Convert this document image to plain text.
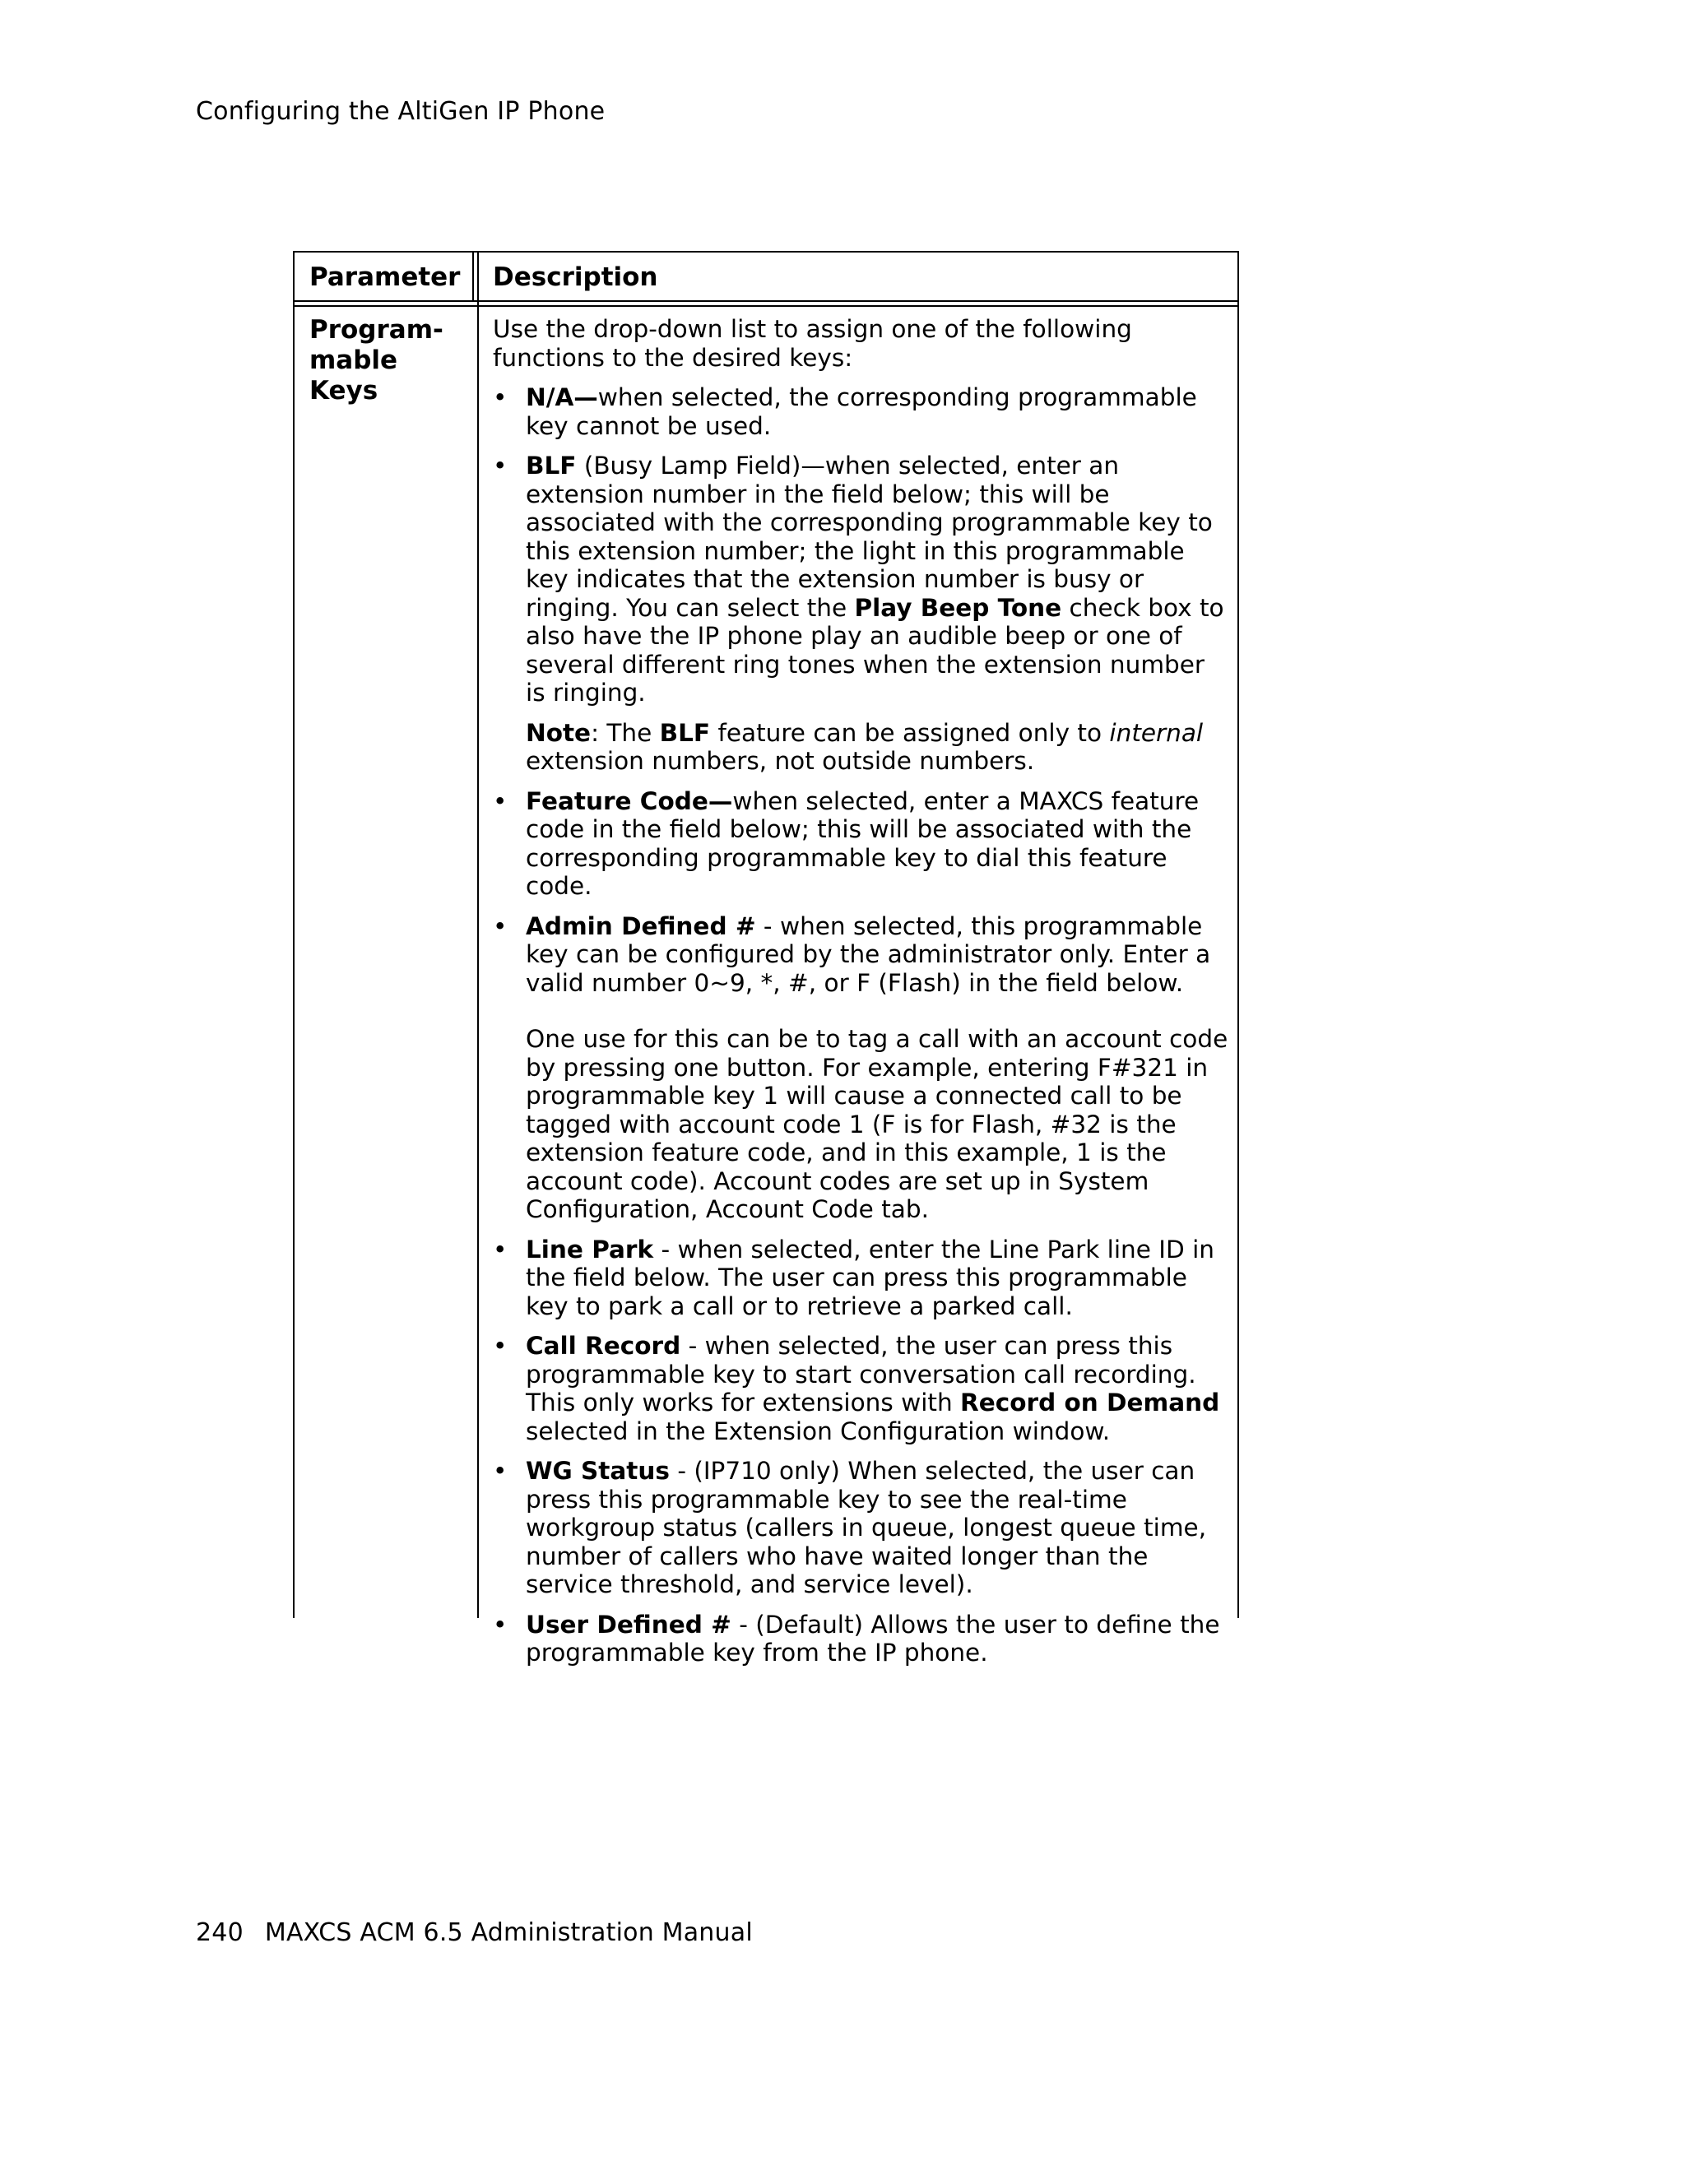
Configuring the AltiGen IP Phone
Parameter Description
Program-
mable
Keys

Use the drop-down list to assign one of the following functions to the desired keys:

• N/A—when selected, the corresponding programmable key cannot be used.
• BLF (Busy Lamp Field)—when selected, enter an extension number in the field below; this will be associated with the corresponding programmable key to this extension number; the light in this programmable key indicates that the extension number is busy or ringing. You can select the Play Beep Tone check box to also have the IP phone play an audible beep or one of several different ring tones when the extension number is ringing.

Note: The BLF feature can be assigned only to internal extension numbers, not outside numbers.

• Feature Code—when selected, enter a MAXCS feature code in the field below; this will be associated with the corresponding programmable key to dial this feature code.
• Admin Defined # - when selected, this programmable key can be configured by the administrator only. Enter a valid number 0~9, *, #, or F (Flash) in the field below.

One use for this can be to tag a call with an account code by pressing one button. For example, entering F#321 in programmable key 1 will cause a connected call to be tagged with account code 1 (F is for Flash, #32 is the extension feature code, and in this example, 1 is the account code). Account codes are set up in System Configuration, Account Code tab.

• Line Park - when selected, enter the Line Park line ID in the field below. The user can press this programmable key to park a call or to retrieve a parked call.
• Call Record - when selected, the user can press this programmable key to start conversation call recording. This only works for extensions with Record on Demand selected in the Extension Configuration window.
• WG Status - (IP710 only) When selected, the user can press this programmable key to see the real-time workgroup status (callers in queue, longest queue time, number of callers who have waited longer than the service threshold, and service level).
• User Defined # - (Default) Allows the user to define the programmable key from the IP phone.
240 MAXCS ACM 6.5 Administration Manual
